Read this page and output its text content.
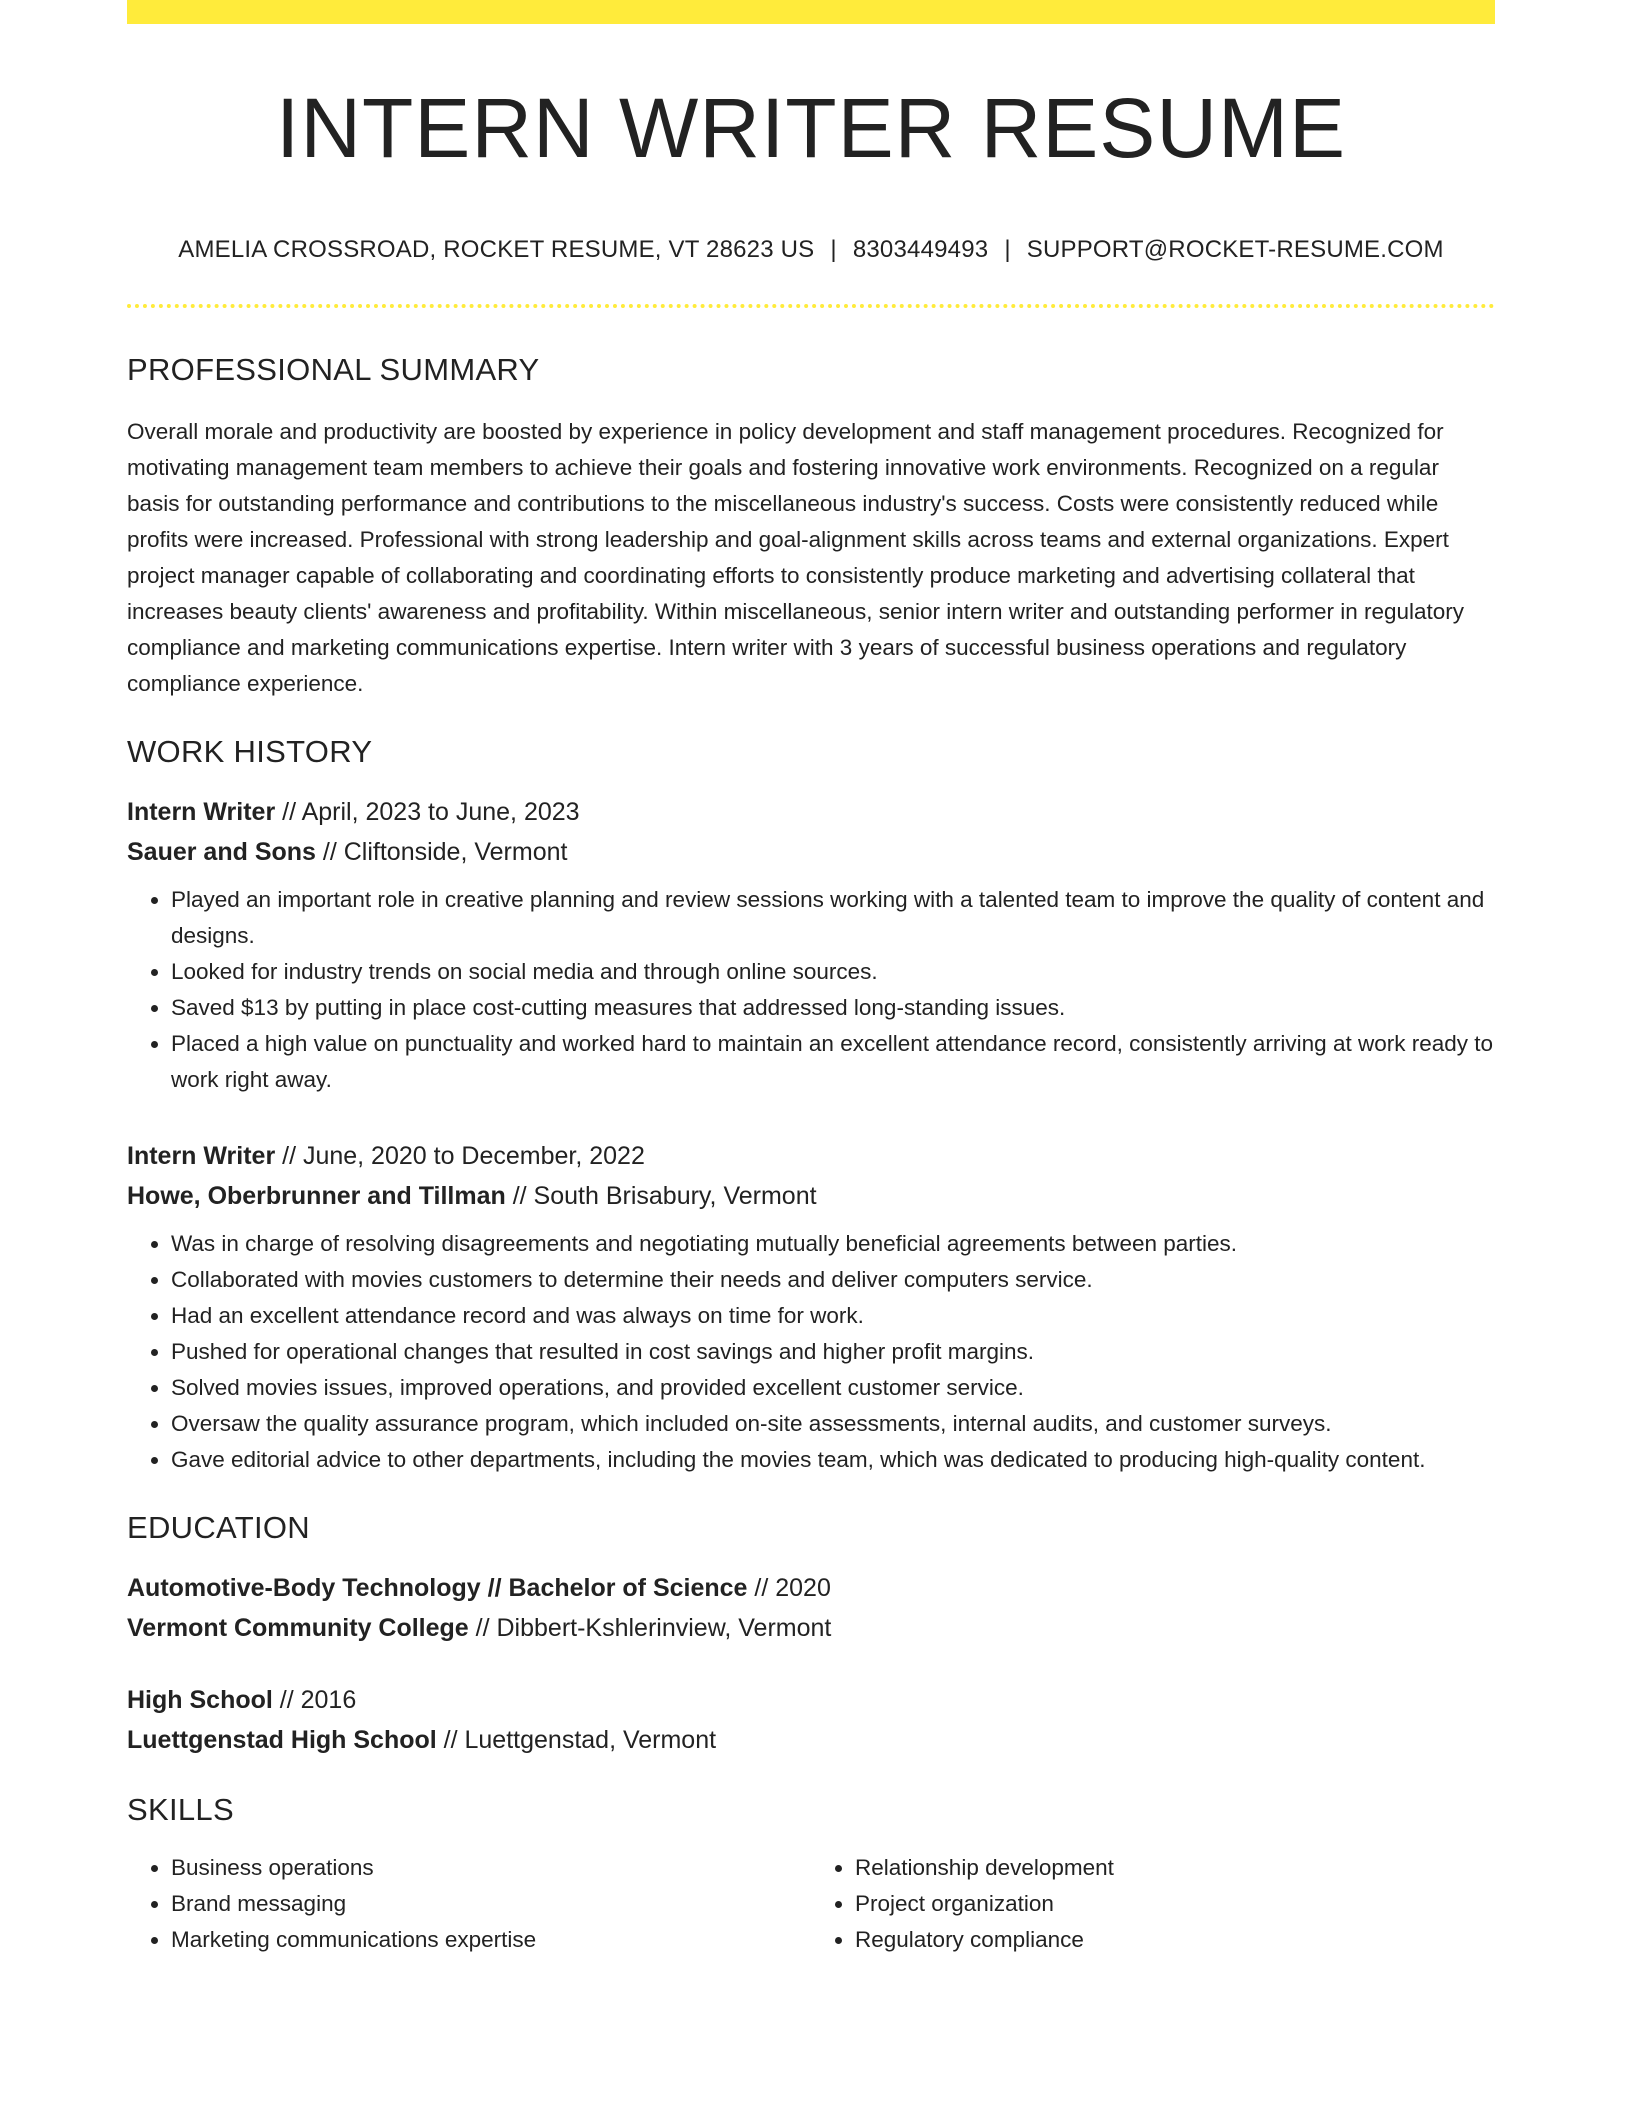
INTERN WRITER RESUME
AMELIA CROSSROAD, ROCKET RESUME, VT 28623 US | 8303449493 | SUPPORT@ROCKET-RESUME.COM
PROFESSIONAL SUMMARY
Overall morale and productivity are boosted by experience in policy development and staff management procedures. Recognized for motivating management team members to achieve their goals and fostering innovative work environments. Recognized on a regular basis for outstanding performance and contributions to the miscellaneous industry's success. Costs were consistently reduced while profits were increased. Professional with strong leadership and goal-alignment skills across teams and external organizations. Expert project manager capable of collaborating and coordinating efforts to consistently produce marketing and advertising collateral that increases beauty clients' awareness and profitability. Within miscellaneous, senior intern writer and outstanding performer in regulatory compliance and marketing communications expertise. Intern writer with 3 years of successful business operations and regulatory compliance experience.
WORK HISTORY
Intern Writer // April, 2023 to June, 2023
Sauer and Sons // Cliftonside, Vermont
• Played an important role in creative planning and review sessions working with a talented team to improve the quality of content and designs.
• Looked for industry trends on social media and through online sources.
• Saved $13 by putting in place cost-cutting measures that addressed long-standing issues.
• Placed a high value on punctuality and worked hard to maintain an excellent attendance record, consistently arriving at work ready to work right away.
Intern Writer // June, 2020 to December, 2022
Howe, Oberbrunner and Tillman // South Brisabury, Vermont
• Was in charge of resolving disagreements and negotiating mutually beneficial agreements between parties.
• Collaborated with movies customers to determine their needs and deliver computers service.
• Had an excellent attendance record and was always on time for work.
• Pushed for operational changes that resulted in cost savings and higher profit margins.
• Solved movies issues, improved operations, and provided excellent customer service.
• Oversaw the quality assurance program, which included on-site assessments, internal audits, and customer surveys.
• Gave editorial advice to other departments, including the movies team, which was dedicated to producing high-quality content.
EDUCATION
Automotive-Body Technology // Bachelor of Science // 2020
Vermont Community College // Dibbert-Kshlerinview, Vermont
High School // 2016
Luettgenstad High School // Luettgenstad, Vermont
SKILLS
• Business operations
• Brand messaging
• Marketing communications expertise
• Relationship development
• Project organization
• Regulatory compliance
